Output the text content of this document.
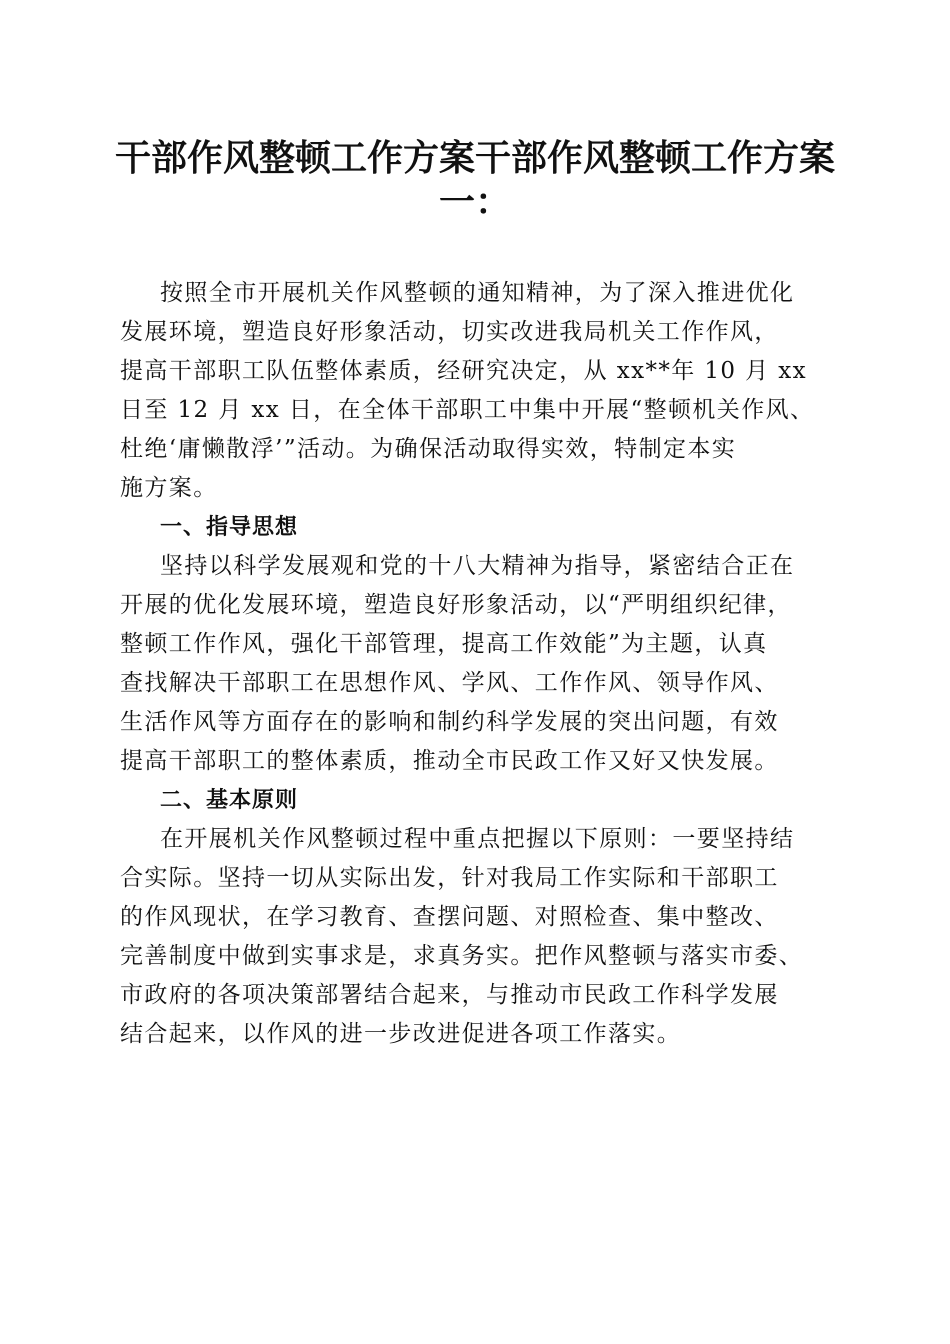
干部作风整顿工作方案干部作风整顿工作方案
一：

按照全市开展机关作风整顿的通知精神，为了深入推进优化
发展环境，塑造良好形象活动，切实改进我局机关工作作风，
提高干部职工队伍整体素质，经研究决定，从 xx**年 10 月 xx
日至 12 月 xx 日，在全体干部职工中集中开展“整顿机关作风、
杜绝‘庸懒散浮’”活动。为确保活动取得实效，特制定本实
施方案。

一、指导思想

坚持以科学发展观和党的十八大精神为指导，紧密结合正在
开展的优化发展环境，塑造良好形象活动，以“严明组织纪律，
整顿工作作风，强化干部管理，提高工作效能”为主题，认真
查找解决干部职工在思想作风、学风、工作作风、领导作风、
生活作风等方面存在的影响和制约科学发展的突出问题，有效
提高干部职工的整体素质，推动全市民政工作又好又快发展。

二、基本原则

在开展机关作风整顿过程中重点把握以下原则：一要坚持结
合实际。坚持一切从实际出发，针对我局工作实际和干部职工
的作风现状，在学习教育、查摆问题、对照检查、集中整改、
完善制度中做到实事求是，求真务实。把作风整顿与落实市委、
市政府的各项决策部署结合起来，与推动市民政工作科学发展
结合起来，以作风的进一步改进促进各项工作落实。
